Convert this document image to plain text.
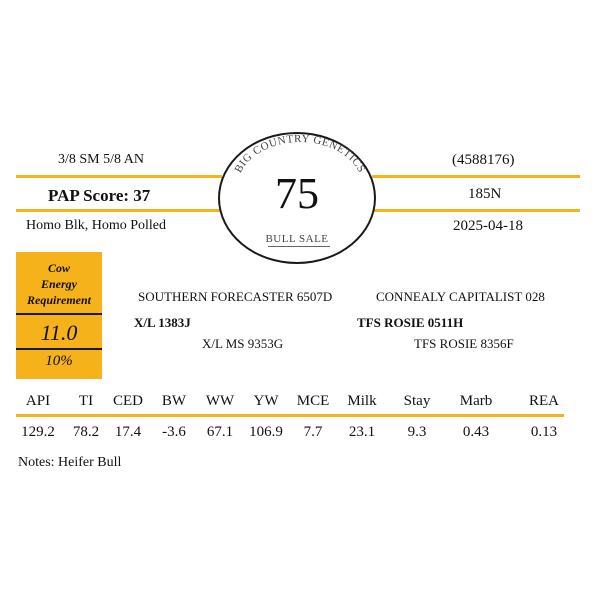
3/8 SM 5/8 AN	(4588176)
PAP Score: 37	185N
Homo Blk, Homo Polled	2025-04-18
BIG COUNTRY GENETICS
75
BULL SALE
Cow
Energy
Requirement
11.0
10%
SOUTHERN FORECASTER 6507D	CONNEALY CAPITALIST 028
X/L 1383J	TFS ROSIE 0511H
X/L MS 9353G	TFS ROSIE 8356F
API TI CED BW WW YW MCE Milk Stay Marb REA
129.2 78.2 17.4 -3.6 67.1 106.9 7.7 23.1 9.3 0.43	0.13
Notes: Heifer Bull
